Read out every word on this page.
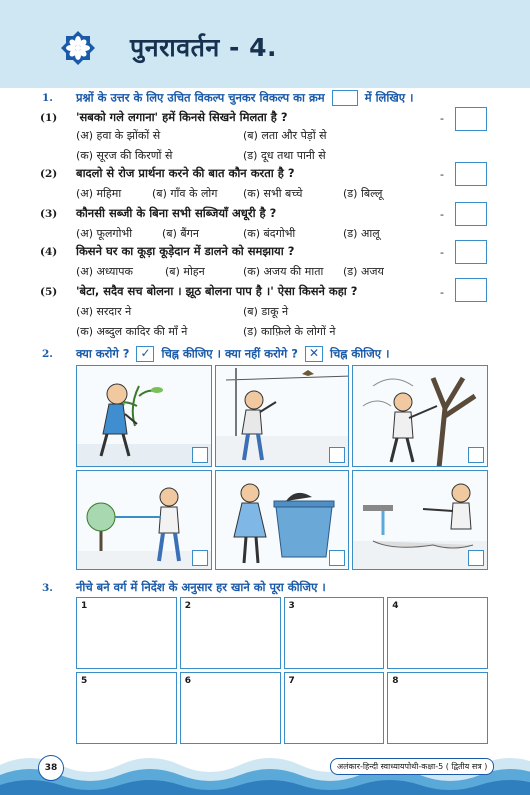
पुनरावर्तन - 4.
1. प्रश्नों के उत्तर के लिए उचित विकल्प चुनकर विकल्प का क्रम	में लिखिए ।
(1) 'सबको गले लगाना' हमें किनसे सिखने मिलता है ?	-
(अ) हवा के झोंकों से	(ब) लता और पेड़ों से
(क) सूरज की किरणों से	(ड) दूध तथा पानी से
(2) बादलो से रोज प्रार्थना करने की बात कौन करता है ?	-
(अ) महिमा	(ब) गाँव के लोग (क) सभी बच्चे	(ड) बिल्लू
(3) कौनसी सब्जी के बिना सभी सब्जियाँ अधूरी है ?	-
(अ) फूलगोभी	(ब) बैंगन	(क) बंदगोभी	(ड) आलू
(4) किसने घर का कूड़ा कूड़ेदान में डालने को समझाया ?	-
(अ) अध्यापक	(ब) मोहन	(क) अजय की माता (ड) अजय
(5) 'बेटा, सदैव सच बोलना । झूठ बोलना पाप है ।' ऐसा किसने कहा ?	-
(अ) सरदार ने	(ब) डाकू ने
(क) अब्दुल कादिर की माँ ने	(ड) काफ़िले के लोगों ने
2. क्या करोगे ? ✓ चिह्न कीजिए । क्या नहीं करोगे ? ✕ चिह्न कीजिए ।
3. नीचे बने वर्ग में निर्देश के अनुसार हर खाने को पूरा कीजिए ।
1	2	3	4
5	6	7	8
38	अलंकार-हिन्दी स्वाध्यायपोथी-कक्षा-5 ( द्वितीय सत्र )
